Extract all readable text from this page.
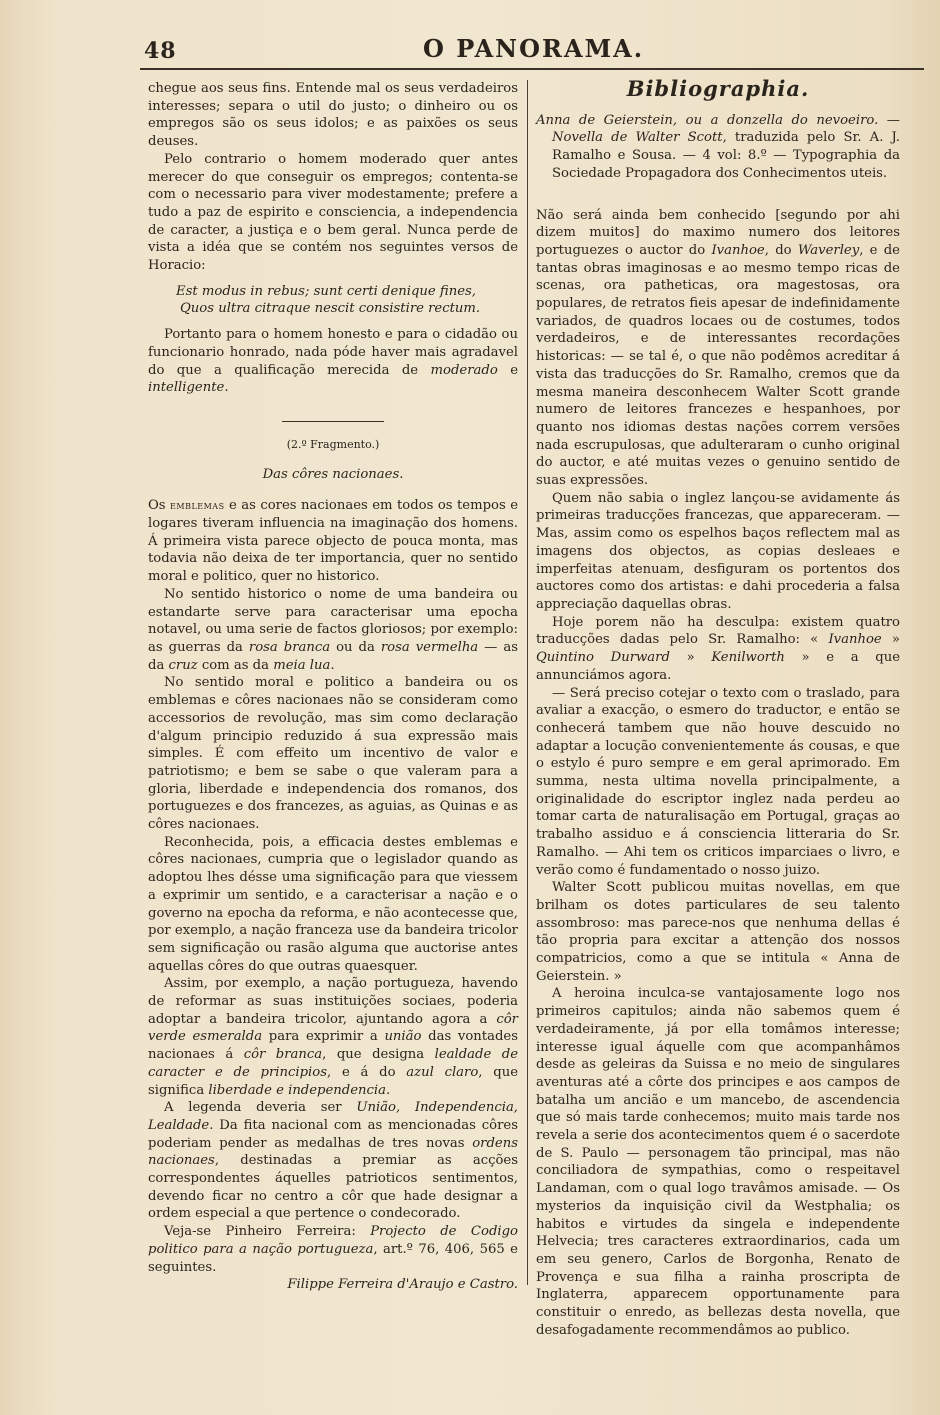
48	O PANORAMA.

chegue aos seus fins. Entende mal os seus verdadeiros interesses; separa o util do justo; o dinheiro ou os empregos são os seus idolos; e as paixões os seus deuses.

Pelo contrario o homem moderado quer antes merecer do que conseguir os empregos; contenta-se com o necessario para viver modestamente; prefere a tudo a paz de espirito e consciencia, a independencia de caracter, a justiça e o bem geral. Nunca perde de vista a idéa que se contém nos seguintes versos de Horacio:

Est modus in rebus; sunt certi denique fines,
Quos ultra citraque nescit consistire rectum.

Portanto para o homem honesto e para o cidadão ou funcionario honrado, nada póde haver mais agradavel do que a qualificação merecida de moderado e intelligente.

(2.º Fragmento.)
Das côres nacionaes.

Os emblemas e as cores nacionaes em todos os tempos e logares tiveram influencia na imaginação dos homens. Á primeira vista parece objecto de pouca monta, mas todavia não deixa de ter importancia, quer no sentido moral e politico, quer no historico.

No sentido historico o nome de uma bandeira ou estandarte serve para caracterisar uma epocha notavel, ou uma serie de factos gloriosos; por exemplo: as guerras da rosa branca ou da rosa vermelha — as da cruz com as da meia lua.

No sentido moral e politico a bandeira ou os emblemas e côres nacionaes não se consideram como accessorios de revolução, mas sim como declaração d'algum principio reduzido á sua expressão mais simples. É com effeito um incentivo de valor e patriotismo; e bem se sabe o que valeram para a gloria, liberdade e independencia dos romanos, dos portuguezes e dos francezes, as aguias, as Quinas e as côres nacionaes.

Reconhecida, pois, a efficacia destes emblemas e côres nacionaes, cumpria que o legislador quando as adoptou lhes désse uma significação para que viessem a exprimir um sentido, e a caracterisar a nação e o governo na epocha da reforma, e não acontecesse que, por exemplo, a nação franceza use da bandeira tricolor sem significação ou rasão alguma que auctorise antes aquellas côres do que outras quaesquer.

Assim, por exemplo, a nação portugueza, havendo de reformar as suas instituições sociaes, poderia adoptar a bandeira tricolor, ajuntando agora a côr verde esmeralda para exprimir a união das vontades nacionaes á côr branca, que designa lealdade de caracter e de principios, e á do azul claro, que significa liberdade e independencia.

A legenda deveria ser União, Independencia, Lealdade. Da fita nacional com as mencionadas côres poderiam pender as medalhas de tres novas ordens nacionaes, destinadas a premiar as acções correspondentes áquelles patrioticos sentimentos, devendo ficar no centro a côr que hade designar a ordem especial a que pertence o condecorado.

Veja-se Pinheiro Ferreira: Projecto de Codigo politico para a nação portugueza, art.º 76, 406, 565 e seguintes.

Filippe Ferreira d'Araujo e Castro.

Bibliographia.

Anna de Geierstein, ou a donzella do nevoeiro. — Novella de Walter Scott, traduzida pelo Sr. A. J. Ramalho e Sousa. — 4 vol: 8.º — Typographia da Sociedade Propagadora dos Conhecimentos uteis.

Não será ainda bem conhecido [segundo por ahi dizem muitos] do maximo numero dos leitores portuguezes o auctor do Ivanhoe, do Waverley, e de tantas obras imaginosas e ao mesmo tempo ricas de scenas, ora patheticas, ora magestosas, ora populares, de retratos fieis apesar de indefinidamente variados, de quadros locaes ou de costumes, todos verdadeiros, e de interessantes recordações historicas: — se tal é, o que não podêmos acreditar á vista das traducções do Sr. Ramalho, cremos que da mesma maneira desconhecem Walter Scott grande numero de leitores francezes e hespanhoes, por quanto nos idiomas destas nações correm versões nada escrupulosas, que adulteraram o cunho original do auctor, e até muitas vezes o genuino sentido de suas expressões.

Quem não sabia o inglez lançou-se avidamente ás primeiras traducções francezas, que appareceram. — Mas, assim como os espelhos baços reflectem mal as imagens dos objectos, as copias desleaes e imperfeitas atenuam, desfiguram os portentos dos auctores como dos artistas: e dahi procederia a falsa appreciação daquellas obras.

Hoje porem não ha desculpa: existem quatro traducções dadas pelo Sr. Ramalho: « Ivanhoe » Quintino Durward » Kenilworth » e a que annunciámos agora.

— Será preciso cotejar o texto com o traslado, para avaliar a exacção, o esmero do traductor, e então se conhecerá tambem que não houve descuido no adaptar a locução convenientemente ás cousas, e que o estylo é puro sempre e em geral aprimorado. Em summa, nesta ultima novella principalmente, a originalidade do escriptor inglez nada perdeu ao tomar carta de naturalisação em Portugal, graças ao trabalho assiduo e á consciencia litteraria do Sr. Ramalho. — Ahi tem os criticos imparciaes o livro, e verão como é fundamentado o nosso juizo.

Walter Scott publicou muitas novellas, em que brilham os dotes particulares de seu talento assombroso: mas parece-nos que nenhuma dellas é tão propria para excitar a attenção dos nossos compatricios, como a que se intitula « Anna de Geierstein. »

A heroina inculca-se vantajosamente logo nos primeiros capitulos; ainda não sabemos quem é verdadeiramente, já por ella tomâmos interesse; interesse igual áquelle com que acompanhâmos desde as geleiras da Suissa e no meio de singulares aventuras até a côrte dos principes e aos campos de batalha um ancião e um mancebo, de ascendencia que só mais tarde conhecemos; muito mais tarde nos revela a serie dos acontecimentos quem é o sacerdote de S. Paulo — personagem tão principal, mas não conciliadora de sympathias, como o respeitavel Landaman, com o qual logo travâmos amisade. — Os mysterios da inquisição civil da Westphalia; os habitos e virtudes da singela e independente Helvecia; tres caracteres extraordinarios, cada um em seu genero, Carlos de Borgonha, Renato de Provença e sua filha a rainha proscripta de Inglaterra, apparecem opportunamente para constituir o enredo, as bellezas desta novella, que desafogadamente recommendâmos ao publico.
